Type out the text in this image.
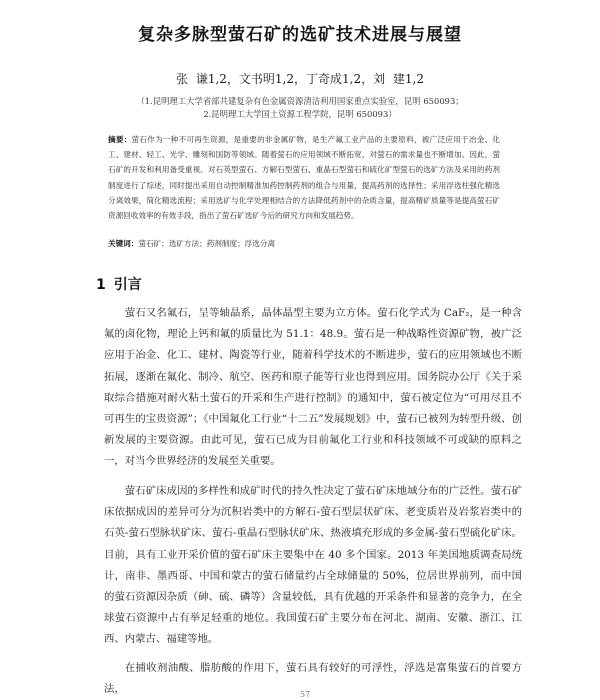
复杂多脉型萤石矿的选矿技术进展与展望
张 谦1,2，文书明1,2，丁奇成1,2，刘 建1,2
（1.昆明理工大学省部共建复杂有色金属资源清洁利用国家重点实验室，昆明 650093；
2.昆明理工大学国土资源工程学院，昆明 650093）
摘要：萤石作为一种不可再生资源，是重要的非金属矿物，是生产氟工业产品的主要原料，被广泛应用于冶金、化工、建材、轻工、光学、雕刻和国防等领域。随着萤石的应用领域不断拓宽，对萤石的需求量也不断增加。因此，萤石矿的开发和利用备受重视。对石英型萤石、方解石型萤石、重晶石型萤石和硫化矿型萤石的选矿方法及采用的药剂制度进行了综述，同时提出采用自动控制精准加药控制药剂的组合与用量，提高药剂的选择性；采用浮选柱强化精选分离效果，简化精选流程；采用选矿与化学处理相结合的方法降低药剂中的杂质含量，提高精矿质量等是提高萤石矿资源回收效率的有效手段，指出了萤石矿选矿今后的研究方向和发展趋势。
关键词：萤石矿；选矿方法；药剂制度；浮选分离
1 引言
萤石又名氟石，呈等轴晶系，晶体晶型主要为立方体。萤石化学式为 CaF₂，是一种含氟的卤化物，理论上钙和氟的质量比为 51.1：48.9。萤石是一种战略性资源矿物，被广泛应用于冶金、化工、建材、陶瓷等行业，随着科学技术的不断进步，萤石的应用领域也不断拓展，逐渐在氟化、制冷、航空、医药和原子能等行业也得到应用。国务院办公厅《关于采取综合措施对耐火粘土萤石的开采和生产进行控制》的通知中，萤石被定位为“可用尽且不可再生的宝贵资源”；《中国氟化工行业“十二五”发展规划》中，萤石已被列为转型升级、创新发展的主要资源。由此可见，萤石已成为目前氟化工行业和科技领域不可或缺的原料之一，对当今世界经济的发展至关重要。
萤石矿床成因的多样性和成矿时代的持久性决定了萤石矿床地域分布的广泛性。萤石矿床依据成因的差异可分为沉积岩类中的方解石-萤石型层状矿床、老变质岩及岩浆岩类中的石英-萤石型脉状矿床、萤石-重晶石型脉状矿床、热液填充形成的多金属-萤石型硫化矿床。目前，具有工业开采价值的萤石矿床主要集中在 40 多个国家。2013 年美国地质调查局统计，南非、墨西哥、中国和蒙古的萤石储量约占全球储量的 50%，位居世界前列，而中国的萤石资源因杂质（砷、硫、磷等）含量较低，具有优越的开采条件和显著的竞争力，在全球萤石资源中占有举足轻重的地位。我国萤石矿主要分布在河北、湖南、安徽、浙江、江西、内蒙古、福建等地。
在捕收剂油酸、脂肪酸的作用下，萤石具有较好的可浮性，浮选是富集萤石的首要方法，	57
